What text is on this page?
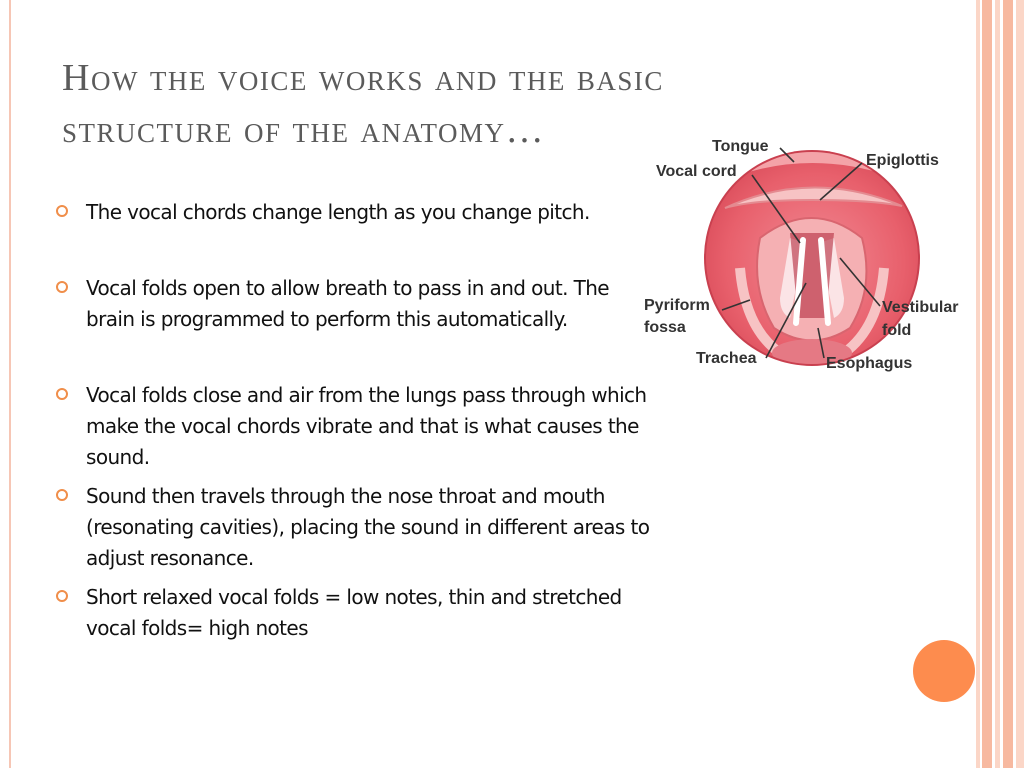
How the voice works and the basic structure of the anatomy…
The vocal chords change length as you change pitch.
Vocal folds open to allow breath to pass in and out. The brain is programmed to perform this automatically.
Vocal folds close and air from the lungs pass through which make the vocal chords vibrate and that is what causes the sound.
Sound then travels through the nose throat and mouth (resonating cavities), placing the sound in different areas to adjust resonance.
Short relaxed vocal folds = low notes, thin and stretched vocal folds= high notes
Tongue
Vocal cord
Epiglottis
Pyriform
fossa
Vestibular
fold
Trachea	Esophagus
